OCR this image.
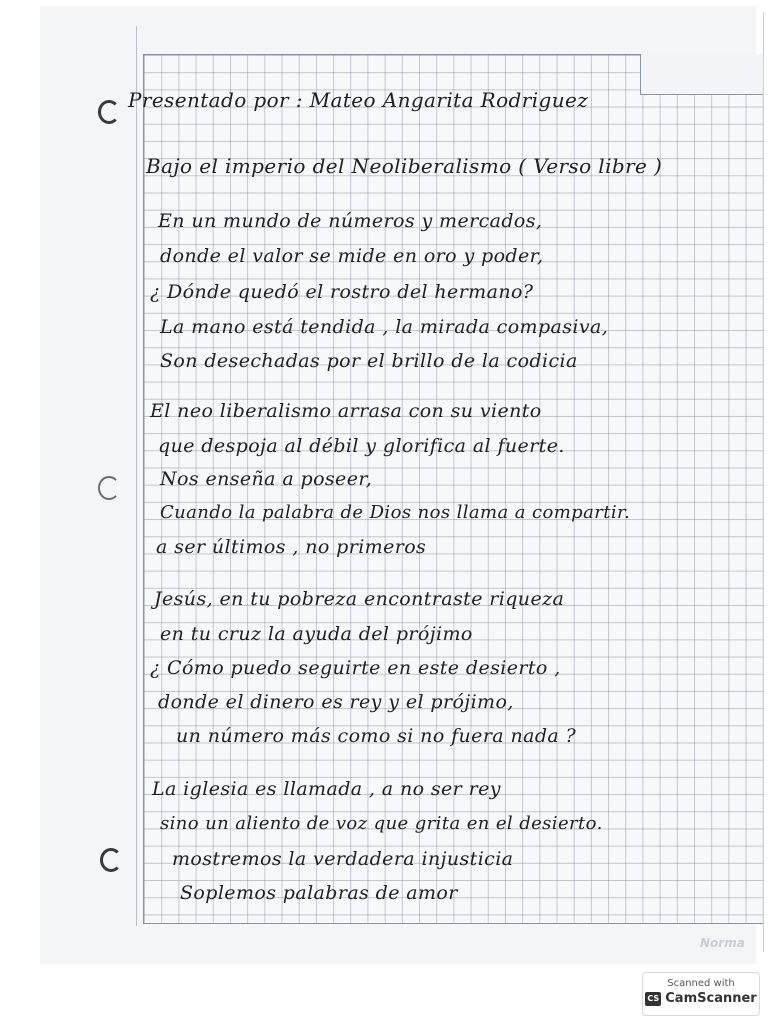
Norma
Presentado por : Mateo Angarita Rodriguez
Bajo el imperio del Neoliberalismo ( Verso libre )
En un mundo de números y mercados,
donde el valor se mide en oro y poder,
¿ Dónde quedó el rostro del hermano?
La mano está tendida , la mirada compasiva,
Son desechadas por el brillo de la codicia
El neo liberalismo arrasa con su viento
que despoja al débil y glorifica al fuerte.
Nos enseña a poseer,
Cuando la palabra de Dios nos llama a compartir.
a ser últimos , no primeros
Jesús, en tu pobreza encontraste riqueza
en tu cruz la ayuda del prójimo
¿ Cómo puedo seguirte en este desierto ,
donde el dinero es rey y el prójimo,
un número más como si no fuera nada ?
La iglesia es llamada , a no ser rey
sino un aliento de voz que grita en el desierto.
mostremos la verdadera injusticia
Soplemos palabras de amor
Scanned with
CS CamScanner
